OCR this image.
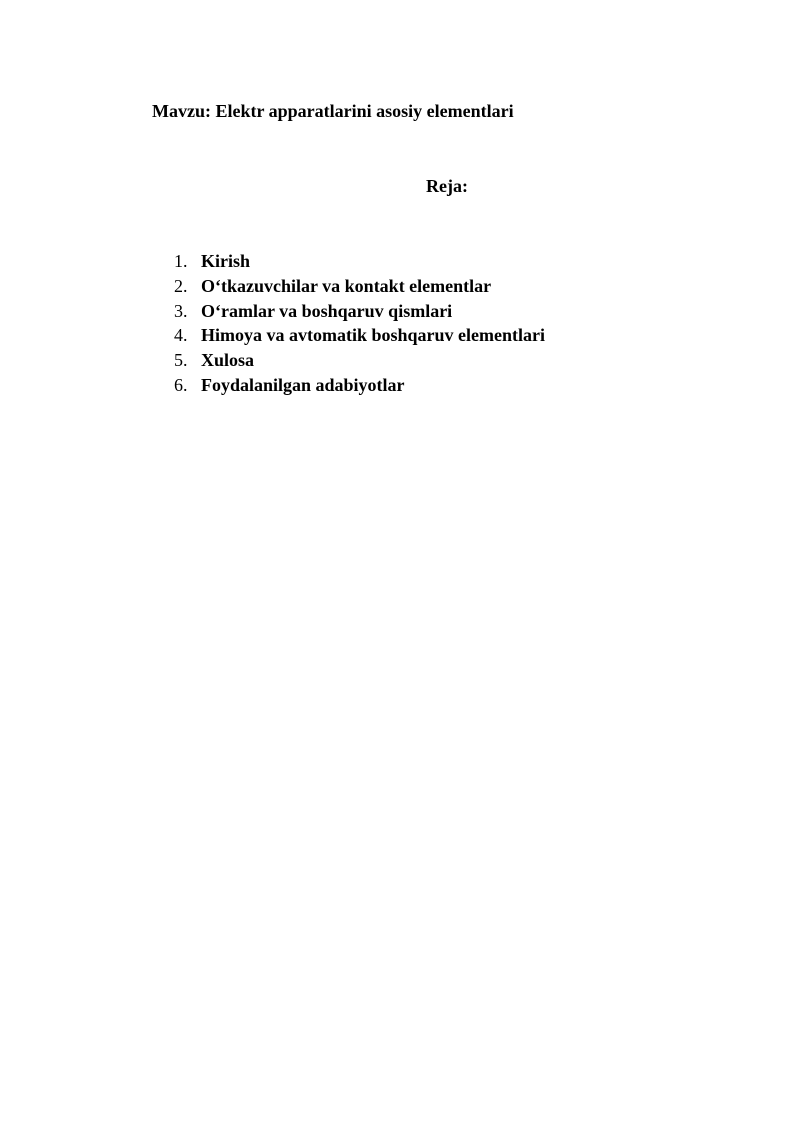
Mavzu: Elektr apparatlarini asosiy elementlari
Reja:
1. Kirish
2. O‘tkazuvchilar va kontakt elementlar
3. O‘ramlar va boshqaruv qismlari
4. Himoya va avtomatik boshqaruv elementlari
5. Xulosa
6. Foydalanilgan adabiyotlar
